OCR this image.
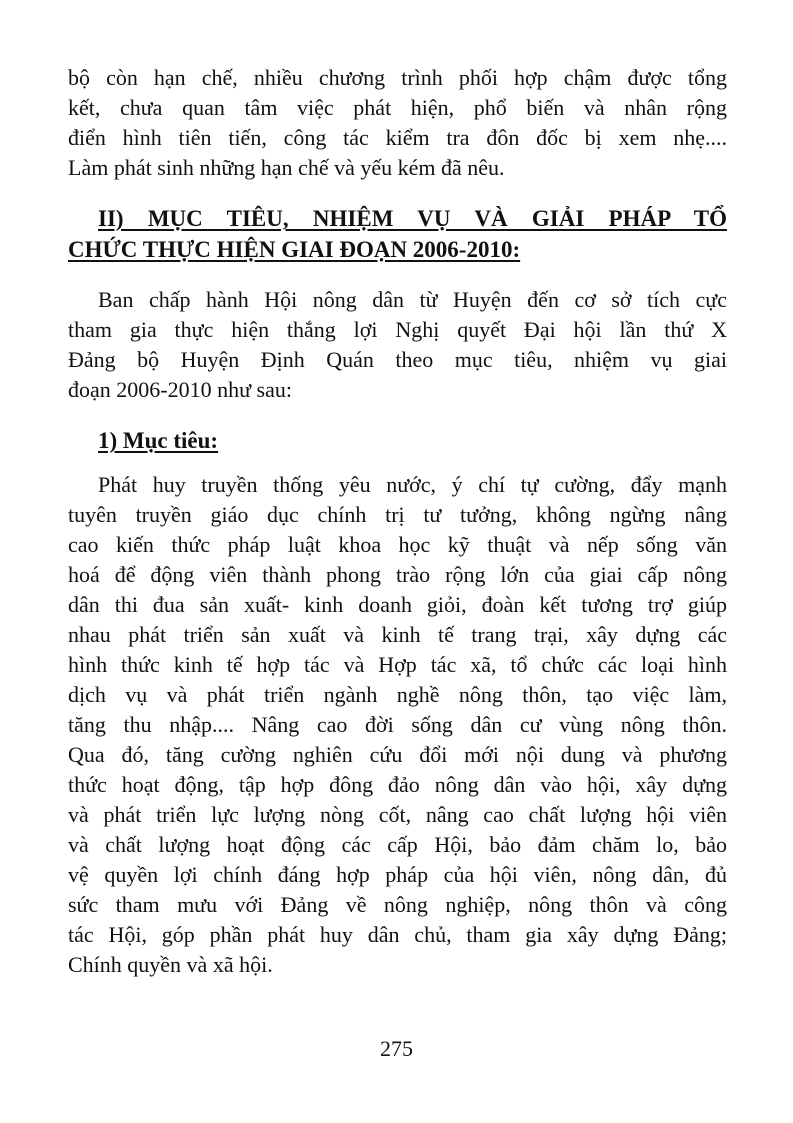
bộ còn hạn chế, nhiều chương trình phối hợp chậm được tổng
kết, chưa quan tâm việc phát hiện, phổ biến và nhân rộng
điển hình tiên tiến, công tác kiểm tra đôn đốc bị xem nhẹ....
Làm phát sinh những hạn chế và yếu kém đã nêu.
II) MỤC TIÊU, NHIỆM VỤ VÀ GIẢI PHÁP TỔ
CHỨC THỰC HIỆN GIAI ĐOẠN 2006-2010:
Ban chấp hành Hội nông dân từ Huyện đến cơ sở tích cực
tham gia thực hiện thắng lợi Nghị quyết Đại hội lần thứ X
Đảng bộ Huyện Định Quán theo mục tiêu, nhiệm vụ giai
đoạn 2006-2010 như sau:
1) Mục tiêu:
Phát huy truyền thống yêu nước, ý chí tự cường, đẩy mạnh
tuyên truyền giáo dục chính trị tư tưởng, không ngừng nâng
cao kiến thức pháp luật khoa học kỹ thuật và nếp sống văn
hoá để động viên thành phong trào rộng lớn của giai cấp nông
dân thi đua sản xuất- kinh doanh giỏi, đoàn kết tương trợ giúp
nhau phát triển sản xuất và kinh tế trang trại, xây dựng các
hình thức kinh tế hợp tác và Hợp tác xã, tổ chức các loại hình
dịch vụ và phát triển ngành nghề nông thôn, tạo việc làm,
tăng thu nhập.... Nâng cao đời sống dân cư vùng nông thôn.
Qua đó, tăng cường nghiên cứu đổi mới nội dung và phương
thức hoạt động, tập hợp đông đảo nông dân vào hội, xây dựng
và phát triển lực lượng nòng cốt, nâng cao chất lượng hội viên
và chất lượng hoạt động các cấp Hội, bảo đảm chăm lo, bảo
vệ quyền lợi chính đáng hợp pháp của hội viên, nông dân, đủ
sức tham mưu với Đảng về nông nghiệp, nông thôn và công
tác Hội, góp phần phát huy dân chủ, tham gia xây dựng Đảng;
Chính quyền và xã hội.
275
